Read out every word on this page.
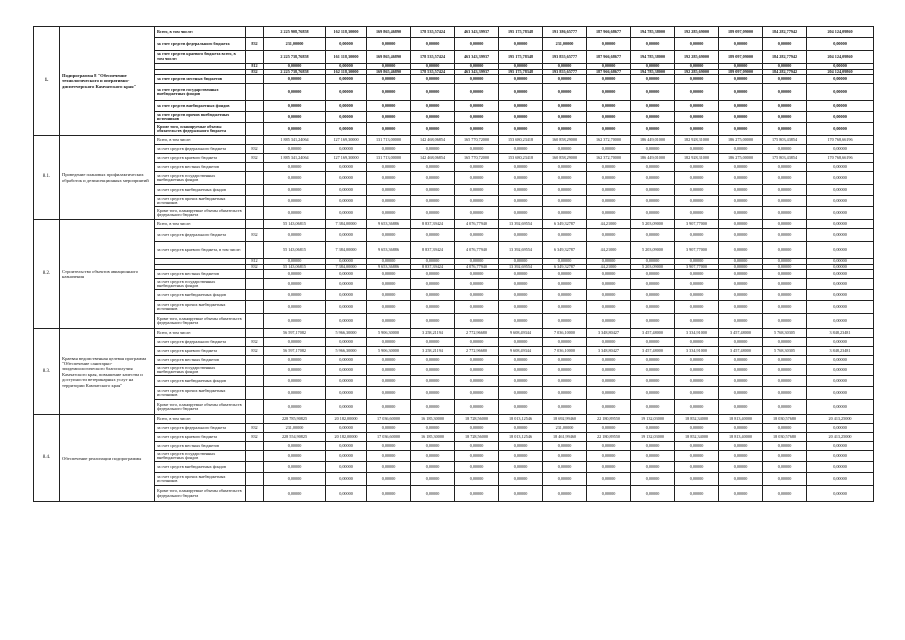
1.	Подпрограмма 8 "Обеспечение технологического и оперативно-диспетчерского Камчатского края"	Всего, в том числе:		2 225 908,76858	162 118,30000	169 865,46890	178 535,57424	463 343,39937	195 175,78348	191 386,65777	187 966,68677	194 785,38000	192 285,69000	189 097,09000	184 282,77942	204 124,09860
		за счет средств федерального бюджета	832	231,00000	0,00000	0,00000	0,00000	0,00000	0,00000	231,00000	0,00000	0,00000	0,00000	0,00000	0,00000	0,00000
		за счет средств краевого бюджета всего, в том числе:		2 225 738,76858	161 118,30000	169 865,46890	178 535,57424	463 343,39937	195 175,78348	193 855,65777	187 966,68677	194 785,38000	192 285,69000	189 097,09000	184 282,77942	204 124,09860
			812	0,00000	0,00000	0,00000	0,00000	0,00000	0,00000	0,00000	0,00000	0,00000	0,00000	0,00000	0,00000	0,00000
			832	2 225 738,76858	162 118,30000	169 865,46890	178 535,57424	463 343,39937	195 175,78348	193 855,65777	187 966,68677	194 785,38000	192 285,69000	189 097,09000	184 282,77942	204 124,09860
		за счет средств местных бюджетов		0,00000	0,00000	0,00000	0,00000	0,00000	0,00000	0,00000	0,00000	0,00000	0,00000	0,00000	0,00000	0,00000
		за счет средств государственных внебюджетных фондов		0,00000	0,00000	0,00000	0,00000	0,00000	0,00000	0,00000	0,00000	0,00000	0,00000	0,00000	0,00000	0,00000
		за счет средств внебюджетных фондов		0,00000	0,00000	0,00000	0,00000	0,00000	0,00000	0,00000	0,00000	0,00000	0,00000	0,00000	0,00000	0,00000
		за счет средств прочих внебюджетных источников		0,00000	0,00000	0,00000	0,00000	0,00000	0,00000	0,00000	0,00000	0,00000	0,00000	0,00000	0,00000	0,00000
		Кроме того, планируемые объемы обязательств федерального бюджета		0,00000	0,00000	0,00000	0,00000	0,00000	0,00000	0,00000	0,00000	0,00000	0,00000	0,00000	0,00000	0,00000
8.1.	Проведение плановых профилактических обработок и дезинсекционных мероприятий	Всего, в том числе:		1 885 341,24064	127 169,30000	131 713,00000	142 468,06854	165 770,72000	153 680,23418	160 858,29000	162 372,70000	186 449,01000	182 928,31000	186 275,00000	175 803,43854	170 768,66196
		за счет средств федерального бюджета	832	0,00000	0,00000	0,00000	0,00000	0,00000	0,00000	0,00000	0,00000	0,00000	0,00000	0,00000	0,00000	0,00000
		за счет средств краевого бюджета	832	1 885 341,24064	127 169,30000	131 713,00000	142 468,06854	165 770,72000	153 680,23418	160 858,29000	162 372,70000	186 449,01000	182 928,31000	186 275,00000	175 803,43854	170 768,66196
		за счет средств местных бюджетов		0,00000	0,00000	0,00000	0,00000	0,00000	0,00000	0,00000	0,00000	0,00000	0,00000	0,00000	0,00000	0,00000
		за счет средств государственных внебюджетных фондов		0,00000	0,00000	0,00000	0,00000	0,00000	0,00000	0,00000	0,00000	0,00000	0,00000	0,00000	0,00000	0,00000
		за счет средств внебюджетных фондов		0,00000	0,00000	0,00000	0,00000	0,00000	0,00000	0,00000	0,00000	0,00000	0,00000	0,00000	0,00000	0,00000
		за счет средств прочих внебюджетных источников		0,00000	0,00000	0,00000	0,00000	0,00000	0,00000	0,00000	0,00000	0,00000	0,00000	0,00000	0,00000	0,00000
		Кроме того, планируемые объемы обязательств федерального бюджета		0,00000	0,00000	0,00000	0,00000	0,00000	0,00000	0,00000	0,00000	0,00000	0,00000	0,00000	0,00000	0,00000
8.2.	Строительство объектов авиационного назначения	Всего, в том числе:		55 143,06815	7 384,00000	9 653,36886	8 837,39424	4 076,77940	13 392,69554	6 349,32787	44,21000	5 203,09000	3 907,77000	0,00000	0,00000	0,00000
		за счет средств федерального бюджета	832	0,00000	0,00000	0,00000	0,00000	0,00000	0,00000	0,00000	0,00000	0,00000	0,00000	0,00000	0,00000	0,00000
		за счет средств краевого бюджета, в том числе:		55 143,06815	7 384,00000	9 653,36886	8 837,39424	4 076,77940	13 392,69554	6 349,32787	44,21000	5 203,09000	3 907,77000	0,00000	0,00000	0,00000
			812	0,00000	0,00000	0,00000	0,00000	0,00000	0,00000	0,00000	0,00000	0,00000	0,00000	0,00000	0,00000	0,00000
			832	55 143,06815	7 384,00000	9 653,36886	8 837,39424	4 076,77940	13 392,69554	6 349,32787	44,21000	5 203,09000	3 907,77000	0,00000	0,00000	0,00000
		за счет средств местных бюджетов		0,00000	0,00000	0,00000	0,00000	0,00000	0,00000	0,00000	0,00000	0,00000	0,00000	0,00000	0,00000	0,00000
		за счет средств государственных внебюджетных фондов		0,00000	0,00000	0,00000	0,00000	0,00000	0,00000	0,00000	0,00000	0,00000	0,00000	0,00000	0,00000	0,00000
		за счет средств внебюджетных фондов		0,00000	0,00000	0,00000	0,00000	0,00000	0,00000	0,00000	0,00000	0,00000	0,00000	0,00000	0,00000	0,00000
		за счет средств прочих внебюджетных источников		0,00000	0,00000	0,00000	0,00000	0,00000	0,00000	0,00000	0,00000	0,00000	0,00000	0,00000	0,00000	0,00000
		Кроме того, планируемые объемы обязательств федерального бюджета		0,00000	0,00000	0,00000	0,00000	0,00000	0,00000	0,00000	0,00000	0,00000	0,00000	0,00000	0,00000	0,00000
8.3.	Краевая ведомственная целевая программа "Обеспечение санитарно-эпидемиологического благополучия Камчатского края, повышение качества и доступности ветеринарных услуг на территории Камчатского края"	Всего, в том числе:		56 597,17082	5 966,30000	5 906,30000	3 258,21194	2 772,96680	9 608,49344	7 036,10000	3 348,80427	3 457,48000	3 334,91000	3 457,48000	5 768,30305	3 848,23481
		за счет средств федерального бюджета	832	0,00000	0,00000	0,00000	0,00000	0,00000	0,00000	0,00000	0,00000	0,00000	0,00000	0,00000	0,00000	0,00000
		за счет средств краевого бюджета	832	56 597,17082	5 966,30000	5 906,30000	3 258,21194	2 772,96680	9 608,49344	7 036,10000	3 348,80427	3 457,48000	3 334,91000	3 457,48000	5 768,30305	3 848,23481
		за счет средств местных бюджетов		0,00000	0,00000	0,00000	0,00000	0,00000	0,00000	0,00000	0,00000	0,00000	0,00000	0,00000	0,00000	0,00000
		за счет средств государственных внебюджетных фондов		0,00000	0,00000	0,00000	0,00000	0,00000	0,00000	0,00000	0,00000	0,00000	0,00000	0,00000	0,00000	0,00000
		за счет средств внебюджетных фондов		0,00000	0,00000	0,00000	0,00000	0,00000	0,00000	0,00000	0,00000	0,00000	0,00000	0,00000	0,00000	0,00000
		за счет средств прочих внебюджетных источников		0,00000	0,00000	0,00000	0,00000	0,00000	0,00000	0,00000	0,00000	0,00000	0,00000	0,00000	0,00000	0,00000
		Кроме того, планируемые объемы обязательств федерального бюджета		0,00000	0,00000	0,00000	0,00000	0,00000	0,00000	0,00000	0,00000	0,00000	0,00000	0,00000	0,00000	0,00000
8.4.	Обеспечение реализации подпрограммы	Всего, в том числе:		228 785,90825	20 182,00000	17 036,60000	16 185,30000	18 728,56000	18 013,12546	18 692,99460	22 180,89550	19 132,03000	18 852,34000	18 813,40000	18 030,57680	20 413,25000
		за счет средств федерального бюджета	832	231,00000	0,00000	0,00000	0,00000	0,00000	0,00000	231,00000	0,00000	0,00000	0,00000	0,00000	0,00000	0,00000
		за счет средств краевого бюджета	832	228 554,90825	20 182,00000	17 036,60000	16 185,30000	18 728,56000	18 013,12546	18 461,99460	22 180,89550	19 132,03000	18 852,34000	18 813,40000	18 030,57680	20 413,25000
		за счет средств местных бюджетов		0,00000	0,00000	0,00000	0,00000	0,00000	0,00000	0,00000	0,00000	0,00000	0,00000	0,00000	0,00000	0,00000
		за счет средств государственных внебюджетных фондов		0,00000	0,00000	0,00000	0,00000	0,00000	0,00000	0,00000	0,00000	0,00000	0,00000	0,00000	0,00000	0,00000
		за счет средств внебюджетных фондов		0,00000	0,00000	0,00000	0,00000	0,00000	0,00000	0,00000	0,00000	0,00000	0,00000	0,00000	0,00000	0,00000
		за счет средств прочих внебюджетных источников		0,00000	0,00000	0,00000	0,00000	0,00000	0,00000	0,00000	0,00000	0,00000	0,00000	0,00000	0,00000	0,00000
		Кроме того, планируемые объемы обязательств федерального бюджета		0,00000	0,00000	0,00000	0,00000	0,00000	0,00000	0,00000	0,00000	0,00000	0,00000	0,00000	0,00000	0,00000
